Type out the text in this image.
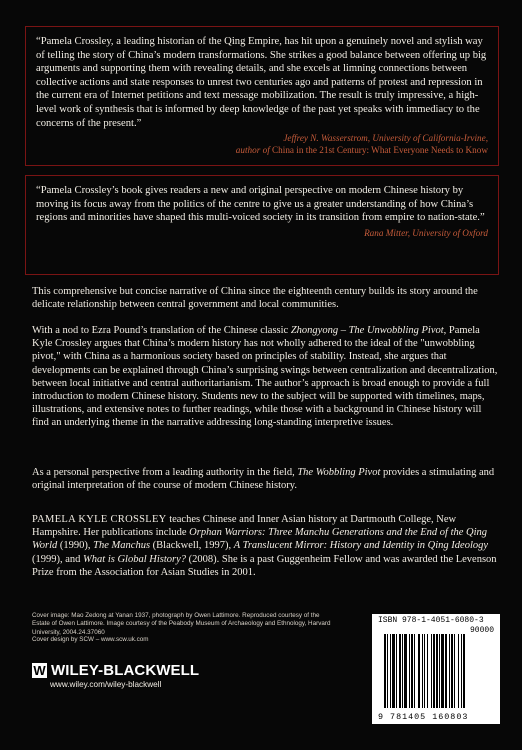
“Pamela Crossley, a leading historian of the Qing Empire, has hit upon a genuinely novel and stylish way of telling the story of China’s modern transformations. She strikes a good balance between offering up big arguments and supporting them with revealing details, and she excels at limning connections between collective actions and state responses to unrest two centuries ago and patterns of protest and repression in the current era of Internet petitions and text message mobilization. The result is truly impressive, a high-level work of synthesis that is informed by deep knowledge of the past yet speaks with immediacy to the concerns of the present.”

Jeffrey N. Wasserstrom, University of California-Irvine,
author of China in the 21st Century: What Everyone Needs to Know

“Pamela Crossley’s book gives readers a new and original perspective on modern Chinese history by moving its focus away from the politics of the centre to give us a greater understanding of how China’s regions and minorities have shaped this multi-voiced society in its transition from empire to nation-state.”

Rana Mitter, University of Oxford

This comprehensive but concise narrative of China since the eighteenth century builds its story around the delicate relationship between central government and local communities.

With a nod to Ezra Pound’s translation of the Chinese classic Zhongyong – The Unwobbling Pivot, Pamela Kyle Crossley argues that China’s modern history has not wholly adhered to the ideal of the "unwobbling pivot," with China as a harmonious society based on principles of stability. Instead, she argues that developments can be explained through China’s surprising swings between centralization and decentralization, between local initiative and central authoritarianism. The author’s approach is broad enough to provide a full introduction to modern Chinese history. Students new to the subject will be supported with timelines, maps, illustrations, and extensive notes to further readings, while those with a background in Chinese history will find an underlying theme in the narrative addressing long-standing interpretive issues.

As a personal perspective from a leading authority in the field, The Wobbling Pivot provides a stimulating and original interpretation of the course of modern Chinese history.

PAMELA KYLE CROSSLEY teaches Chinese and Inner Asian history at Dartmouth College, New Hampshire. Her publications include Orphan Warriors: Three Manchu Generations and the End of the Qing World (1990), The Manchus (Blackwell, 1997), A Translucent Mirror: History and Identity in Qing Ideology (1999), and What is Global History? (2008). She is a past Guggenheim Fellow and was awarded the Levenson Prize from the Association for Asian Studies in 2001.

Cover image: Mao Zedong at Yanan 1937, photograph by Owen Lattimore. Reproduced courtesy of the Estate of Owen Lattimore. Image courtesy of the Peabody Museum of Archaeology and Ethnology, Harvard University, 2004.24.37060
Cover design by SCW – www.scw.uk.com
W WILEY-BLACKWELL
www.wiley.com/wiley-blackwell
ISBN 978-1-4051-6080-3
90000
9 781405 160803
